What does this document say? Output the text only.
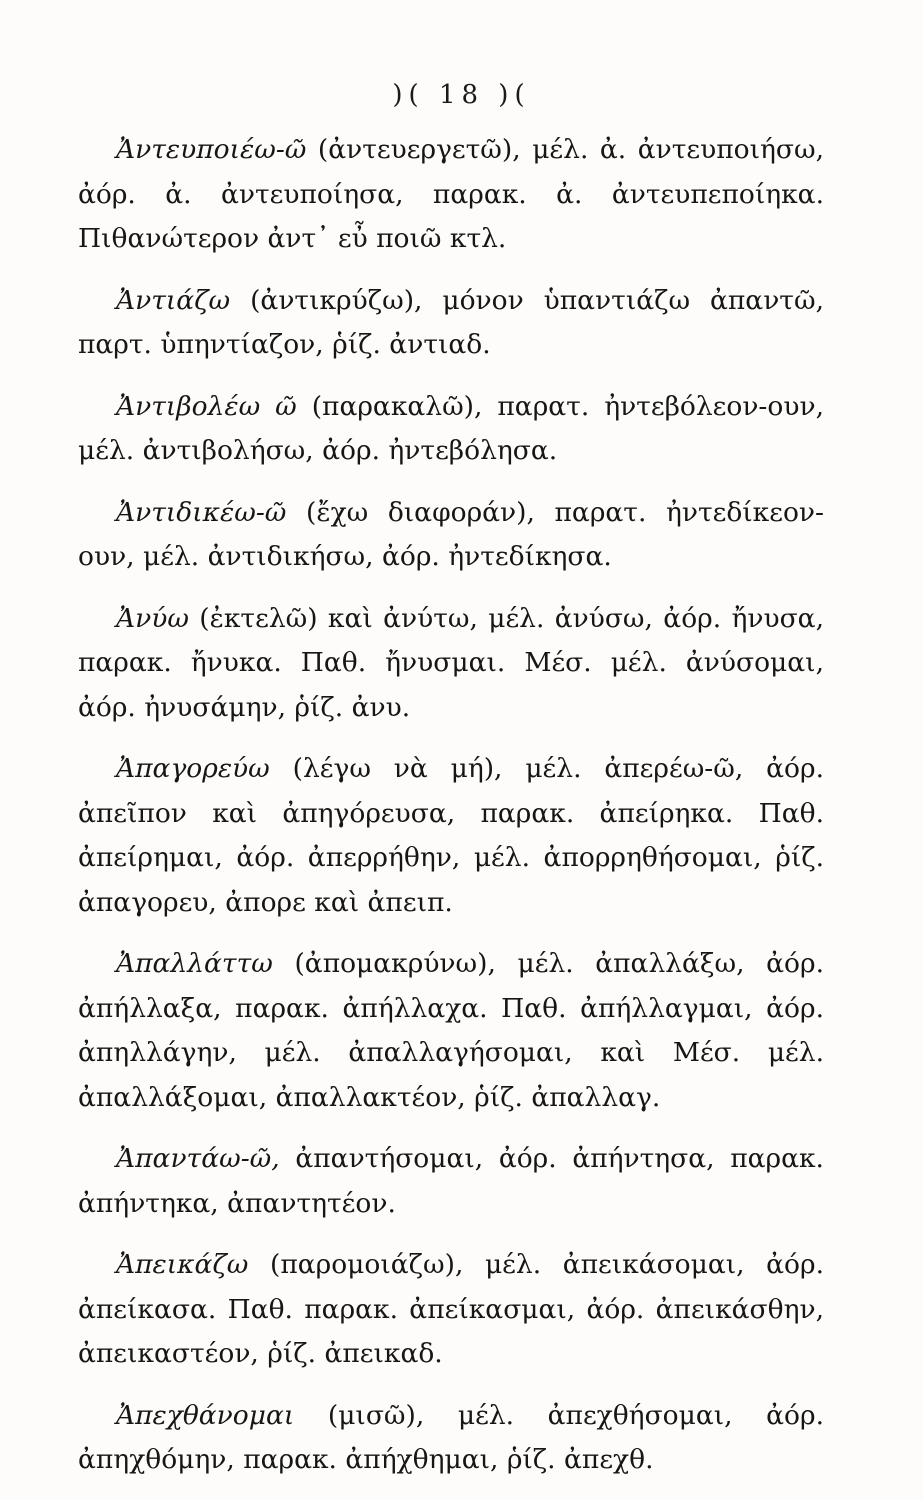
)( 18 )(

Ἀντευποιέω-ῶ (ἀντευεργετῶ), μέλ. ἀ. ἀντευποιήσω, ἀόρ. ἀ. ἀντευποίησα, παρακ. ἀ. ἀντευπεποίηκα. Πιθανώτερον ἀντ᾽ εὖ ποιῶ κτλ.

Ἀντιάζω (ἀντικρύζω), μόνον ὑπαντιάζω ἀπαντῶ, παρτ. ὑπηντίαζον, ῥίζ. ἀντιαδ.

Ἀντιβολέω ῶ (παρακαλῶ), παρατ. ἠντεβόλεον-ουν, μέλ. ἀντιβολήσω, ἀόρ. ἠντεβόλησα.

Ἀντιδικέω-ῶ (ἔχω διαφοράν), παρατ. ἠντεδίκεον-ουν, μέλ. ἀντιδικήσω, ἀόρ. ἠντεδίκησα.

Ἀνύω (ἐκτελῶ) καὶ ἀνύτω, μέλ. ἀνύσω, ἀόρ. ἤνυσα, παρακ. ἤνυκα. Παθ. ἤνυσμαι. Μέσ. μέλ. ἀνύσομαι, ἀόρ. ἠνυσάμην, ῥίζ. ἀνυ.

Ἀπαγορεύω (λέγω νὰ μή), μέλ. ἀπερέω-ῶ, ἀόρ. ἀπεῖπον καὶ ἀπηγόρευσα, παρακ. ἀπείρηκα. Παθ. ἀπείρημαι, ἀόρ. ἀπερρήθην, μέλ. ἀπορρηθήσομαι, ῥίζ. ἀπαγορευ, ἀπορε καὶ ἀπειπ.

Ἀπαλλάττω (ἀπομακρύνω), μέλ. ἀπαλλάξω, ἀόρ. ἀπήλλαξα, παρακ. ἀπήλλαχα. Παθ. ἀπήλλαγμαι, ἀόρ. ἀπηλλάγην, μέλ. ἀπαλλαγήσομαι, καὶ Μέσ. μέλ. ἀπαλλάξομαι, ἀπαλλακτέον, ῥίζ. ἀπαλλαγ.

Ἀπαντάω-ῶ, ἀπαντήσομαι, ἀόρ. ἀπήντησα, παρακ. ἀπήντηκα, ἀπαντητέον.

Ἀπεικάζω (παρομοιάζω), μέλ. ἀπεικάσομαι, ἀόρ. ἀπείκασα. Παθ. παρακ. ἀπείκασμαι, ἀόρ. ἀπεικάσθην, ἀπεικαστέον, ῥίζ. ἀπεικαδ.

Ἀπεχθάνομαι (μισῶ), μέλ. ἀπεχθήσομαι, ἀόρ. ἀπηχθόμην, παρακ. ἀπήχθημαι, ῥίζ. ἀπεχθ.
